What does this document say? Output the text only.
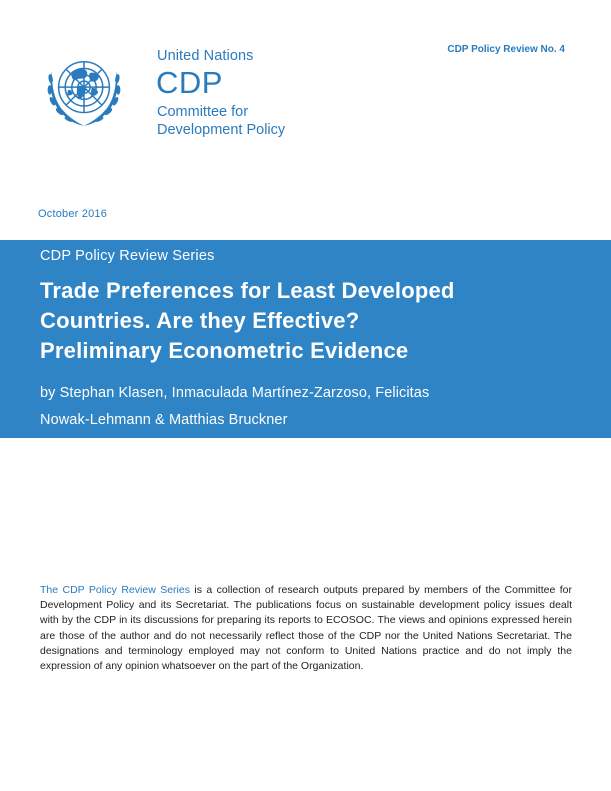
United Nations
CDP
Committee for
Development Policy
CDP Policy Review No. 4
October 2016
CDP Policy Review Series
Trade Preferences for Least Developed
Countries. Are they Effective?
Preliminary Econometric Evidence
by Stephan Klasen, Inmaculada Martínez-Zarzoso, Felicitas
Nowak-Lehmann & Matthias Bruckner
The CDP Policy Review Series is a collection of research outputs prepared by members of the Committee for Development Policy and its Secretariat. The publications focus on sustainable development policy issues dealt with by the CDP in its discussions for preparing its reports to ECOSOC. The views and opinions expressed herein are those of the author and do not necessarily reflect those of the CDP nor the United Nations Secretariat. The designations and terminology employed may not conform to United Nations practice and do not imply the expression of any opinion whatsoever on the part of the Organization.
